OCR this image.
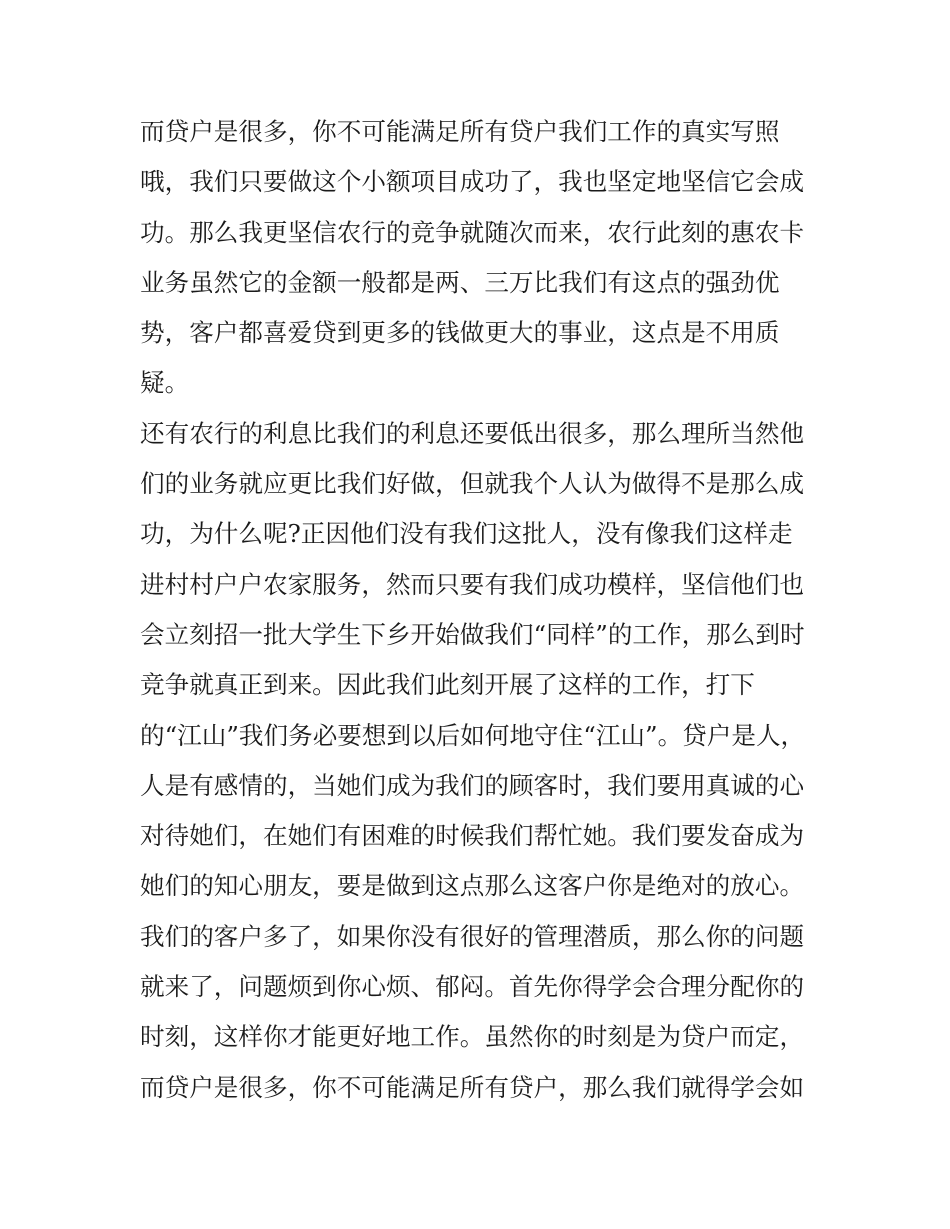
而贷户是很多，你不可能满足所有贷户我们工作的真实写照
哦，我们只要做这个小额项目成功了，我也坚定地坚信它会成
功。那么我更坚信农行的竞争就随次而来，农行此刻的惠农卡
业务虽然它的金额一般都是两、三万比我们有这点的强劲优
势，客户都喜爱贷到更多的钱做更大的事业，这点是不用质
疑。
还有农行的利息比我们的利息还要低出很多，那么理所当然他
们的业务就应更比我们好做，但就我个人认为做得不是那么成
功，为什么呢?正因他们没有我们这批人，没有像我们这样走
进村村户户农家服务，然而只要有我们成功模样，坚信他们也
会立刻招一批大学生下乡开始做我们“同样”的工作，那么到时
竞争就真正到来。因此我们此刻开展了这样的工作，打下
的“江山”我们务必要想到以后如何地守住“江山”。贷户是人，
人是有感情的，当她们成为我们的顾客时，我们要用真诚的心
对待她们，在她们有困难的时候我们帮忙她。我们要发奋成为
她们的知心朋友，要是做到这点那么这客户你是绝对的放心。
我们的客户多了，如果你没有很好的管理潜质，那么你的问题
就来了，问题烦到你心烦、郁闷。首先你得学会合理分配你的
时刻，这样你才能更好地工作。虽然你的时刻是为贷户而定，
而贷户是很多，你不可能满足所有贷户，那么我们就得学会如
